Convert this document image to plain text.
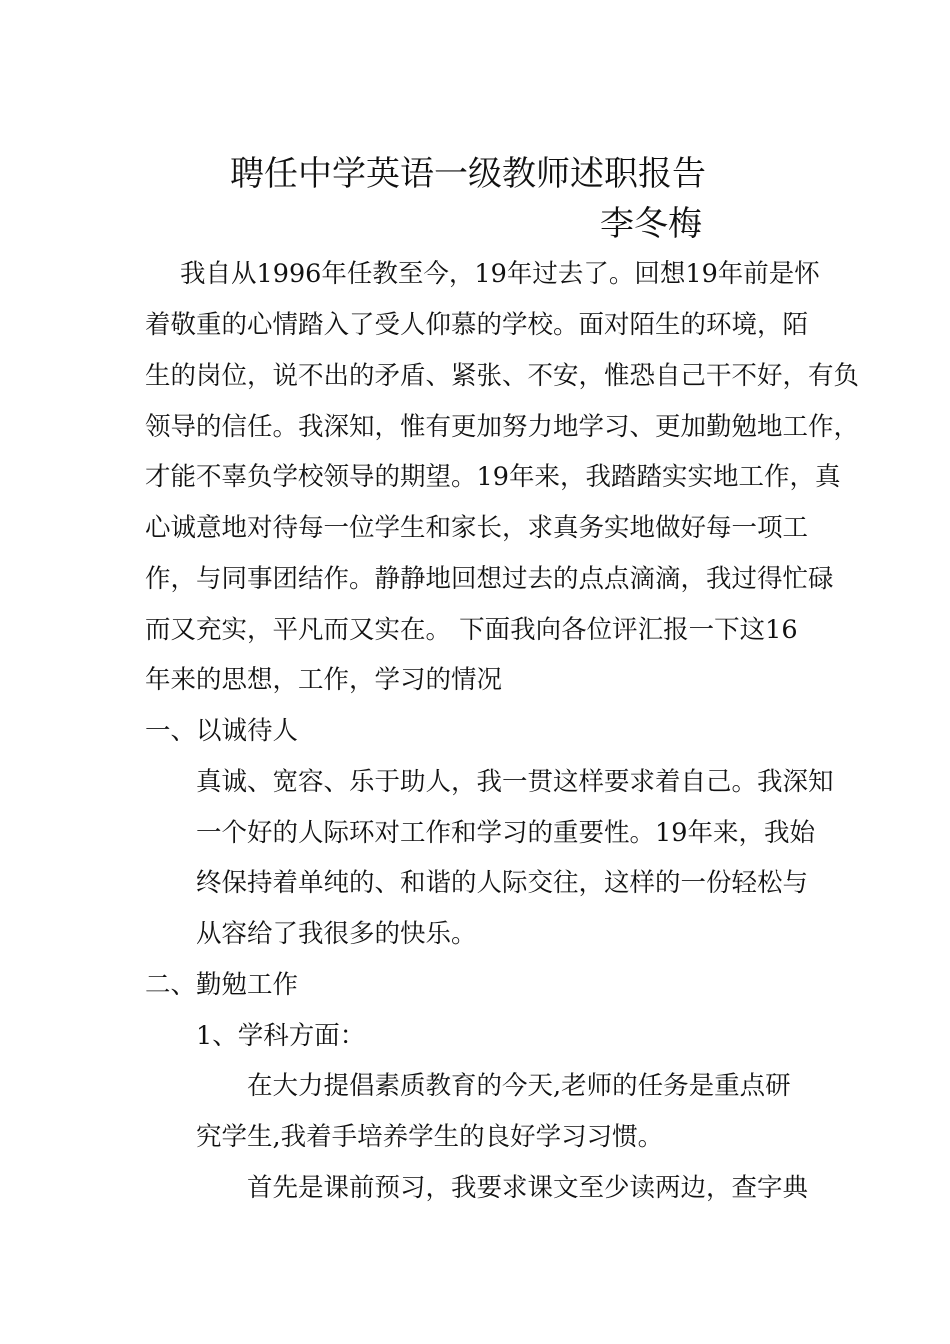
聘任中学英语一级教师述职报告
李冬梅
我自从1996年任教至今，19年过去了。回想19年前是怀
着敬重的心情踏入了受人仰慕的学校。面对陌生的环境，陌
生的岗位，说不出的矛盾、紧张、不安，惟恐自己干不好，有负
领导的信任。我深知，惟有更加努力地学习、更加勤勉地工作，
才能不辜负学校领导的期望。19年来，我踏踏实实地工作，真
心诚意地对待每一位学生和家长，求真务实地做好每一项工
作，与同事团结作。静静地回想过去的点点滴滴，我过得忙碌
而又充实，平凡而又实在。 下面我向各位评汇报一下这16
年来的思想，工作，学习的情况
一、以诚待人
真诚、宽容、乐于助人，我一贯这样要求着自己。我深知
一个好的人际环对工作和学习的重要性。19年来，我始
终保持着单纯的、和谐的人际交往，这样的一份轻松与
从容给了我很多的快乐。
二、勤勉工作
1、学科方面：
在大力提倡素质教育的今天,老师的任务是重点研
究学生,我着手培养学生的良好学习习惯。
首先是课前预习，我要求课文至少读两边，查字典
